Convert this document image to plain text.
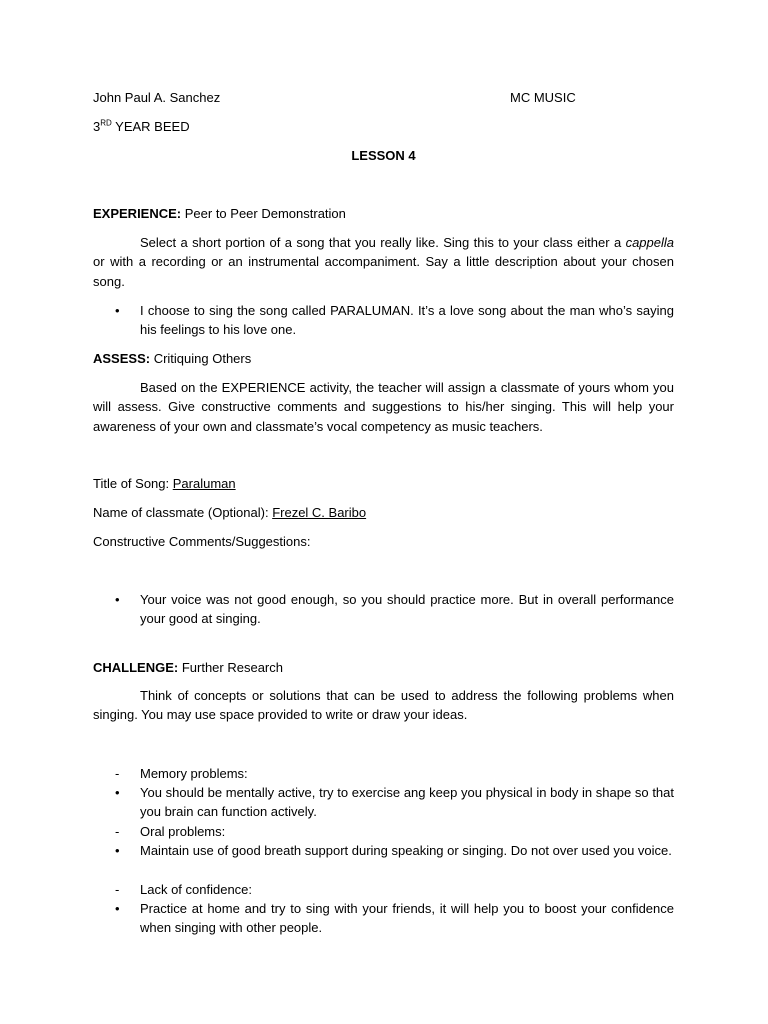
John Paul A. Sanchez	MC MUSIC
3RD YEAR BEED
LESSON 4
EXPERIENCE: Peer to Peer Demonstration
Select a short portion of a song that you really like. Sing this to your class either a cappella or with a recording or an instrumental accompaniment. Say a little description about your chosen song.
• I choose to sing the song called PARALUMAN. It’s a love song about the man who’s saying his feelings to his love one.
ASSESS: Critiquing Others
Based on the EXPERIENCE activity, the teacher will assign a classmate of yours whom you will assess. Give constructive comments and suggestions to his/her singing. This will help your awareness of your own and classmate’s vocal competency as music teachers.
Title of Song: Paraluman
Name of classmate (Optional): Frezel C. Baribo
Constructive Comments/Suggestions:
• Your voice was not good enough, so you should practice more. But in overall performance your good at singing.
CHALLENGE: Further Research
Think of concepts or solutions that can be used to address the following problems when singing. You may use space provided to write or draw your ideas.
- Memory problems:
• You should be mentally active, try to exercise ang keep you physical in body in shape so that you brain can function actively.
- Oral problems:
• Maintain use of good breath support during speaking or singing. Do not over used you voice.
- Lack of confidence:
• Practice at home and try to sing with your friends, it will help you to boost your confidence when singing with other people.
